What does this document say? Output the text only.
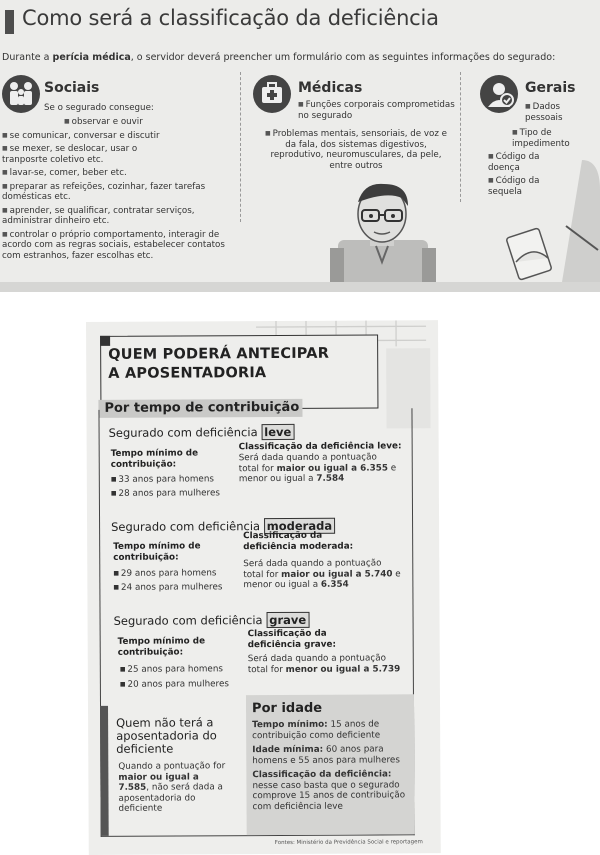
Como será a classificação da deficiência
Durante a perícia médica, o servidor deverá preencher um formulário com as seguintes informações do segurado:
Sociais
Se o segurado consegue:
■ observar e ouvir
■ se comunicar, conversar e discutir
■ se mexer, se deslocar, usar o tranposrte coletivo etc.
■ lavar-se, comer, beber etc.
■ preparar as refeições, cozinhar, fazer tarefas domésticas etc.
■ aprender, se qualificar, contratar serviços, administrar dinheiro etc.
■ controlar o próprio comportamento, interagir de acordo com as regras sociais, estabelecer contatos com estranhos, fazer escolhas etc.
Médicas
■ Funções corporais comprometidas no segurado
■ Problemas mentais, sensoriais, de voz e da fala, dos sistemas digestivos, reprodutivo, neuromusculares, da pele, entre outros
Gerais
■ Dados pessoais
■ Tipo de impedimento
■ Código da doença
■ Código da sequela
QUEM PODERÁ ANTECIPAR
A APOSENTADORIA
Por tempo de contribuição
Segurado com deficiência leve
Tempo mínimo de contribuição:
■ 33 anos para homens
■ 28 anos para mulheres
Classificação da deficiência leve:
Será dada quando a pontuação total for maior ou igual a 6.355 e menor ou igual a 7.584
Segurado com deficiência moderada
Tempo mínimo de contribuição:
■ 29 anos para homens
■ 24 anos para mulheres
Classificação da deficiência moderada:
Será dada quando a pontuação total for maior ou igual a 5.740 e menor ou igual a 6.354
Segurado com deficiência grave
Tempo mínimo de contribuição:
■ 25 anos para homens
■ 20 anos para mulheres
Classificação da deficiência grave:
Será dada quando a pontuação total for menor ou igual a 5.739
Quem não terá a aposentadoria do deficiente
Quando a pontuação for maior ou igual a 7.585, não será dada a aposentadoria do deficiente
Por idade
Tempo mínimo: 15 anos de contribuição como deficiente
Idade mínima: 60 anos para homens e 55 anos para mulheres
Classificação da deficiência: nesse caso basta que o segurado comprove 15 anos de contribuição com deficiência leve
Fontes: Ministério da Previdência Social e reportagem
